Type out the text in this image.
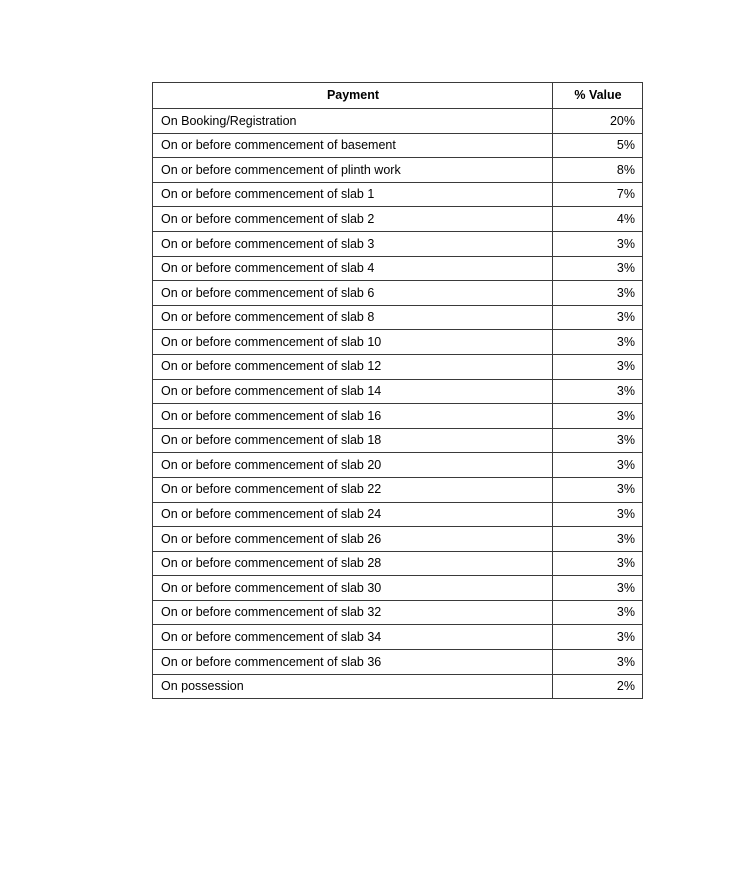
Payment	% Value
On Booking/Registration	20%
On or before commencement of basement	5%
On or before commencement of plinth work	8%
On or before commencement of slab 1	7%
On or before commencement of slab 2	4%
On or before commencement of slab 3	3%
On or before commencement of slab 4	3%
On or before commencement of slab 6	3%
On or before commencement of slab 8	3%
On or before commencement of slab 10	3%
On or before commencement of slab 12	3%
On or before commencement of slab 14	3%
On or before commencement of slab 16	3%
On or before commencement of slab 18	3%
On or before commencement of slab 20	3%
On or before commencement of slab 22	3%
On or before commencement of slab 24	3%
On or before commencement of slab 26	3%
On or before commencement of slab 28	3%
On or before commencement of slab 30	3%
On or before commencement of slab 32	3%
On or before commencement of slab 34	3%
On or before commencement of slab 36	3%
On possession	2%
